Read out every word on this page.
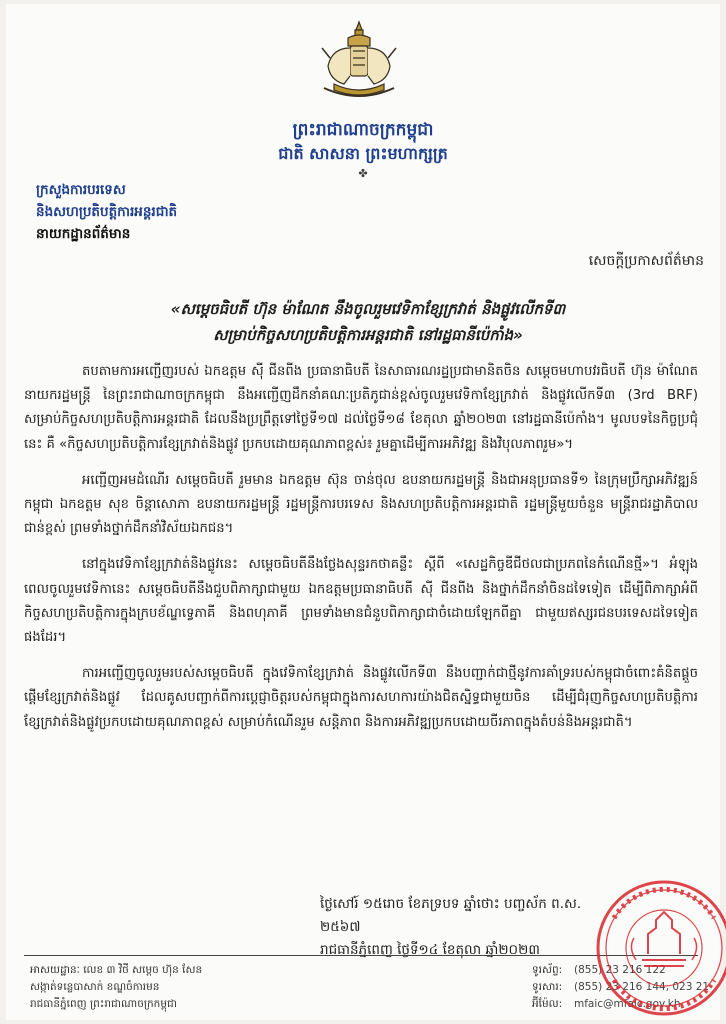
ព្រះរាជាណាចក្រកម្ពុជា
ជាតិ សាសនា ព្រះមហាក្សត្រ
✤
ក្រសួងការបរទេស
និងសហប្រតិបត្តិការអន្តរជាតិ
នាយកដ្ឋានព័ត៌មាន
សេចក្តីប្រកាសព័ត៌មាន
«សម្តេចធិបតី ហ៊ុន ម៉ាណែត នឹងចូលរួមវេទិកាខ្សែក្រវាត់ និងផ្លូវលើកទី៣
សម្រាប់កិច្ចសហប្រតិបត្តិការអន្តរជាតិ នៅរដ្ឋធានីប៉េកាំង»

តបតាមការអញ្ជើញរបស់ ឯកឧត្តម ស៊ី ជីនពីង ប្រធានាធិបតី នៃសាធារណរដ្ឋប្រជាមានិតចិន សម្តេចមហាបវរធិបតី ហ៊ុន ម៉ាណែត នាយករដ្ឋមន្ត្រី នៃព្រះរាជាណាចក្រកម្ពុជា នឹងអញ្ជើញដឹកនាំគណៈប្រតិភូជាន់ខ្ពស់ចូលរួមវេទិកាខ្សែក្រវាត់ និងផ្លូវលើកទី៣ (3rd BRF) សម្រាប់កិច្ចសហប្រតិបត្តិការអន្តរជាតិ ដែលនឹងប្រព្រឹត្តទៅថ្ងៃទី១៧ ដល់ថ្ងៃទី១៨ ខែតុលា ឆ្នាំ២០២៣ នៅរដ្ឋធានីប៉េកាំង។ មូលបទនៃកិច្ចប្រជុំនេះ គឺ «កិច្ចសហប្រតិបត្តិការខ្សែក្រវាត់និងផ្លូវ ប្រកបដោយគុណភាពខ្ពស់៖ រួមគ្នាដើម្បីការអភិវឌ្ឍ និងវិបុលភាពរួម»។

អញ្ជើញអមដំណើរ សម្តេចធិបតី រួមមាន ឯកឧត្តម ស៊ុន ចាន់ថុល ឧបនាយករដ្ឋមន្ត្រី និងជាអនុប្រធានទី១ នៃក្រុមប្រឹក្សាអភិវឌ្ឍន៍កម្ពុជា ឯកឧត្តម សុខ ចិន្តាសោភា ឧបនាយករដ្ឋមន្ត្រី រដ្ឋមន្ត្រីការបរទេស និងសហប្រតិបត្តិការអន្តរជាតិ រដ្ឋមន្ត្រីមួយចំនួន មន្ត្រីរាជរដ្ឋាភិបាលជាន់ខ្ពស់ ព្រមទាំងថ្នាក់ដឹកនាំវិស័យឯកជន។

នៅក្នុងវេទិកាខ្សែក្រវាត់និងផ្លូវនេះ សម្តេចធិបតីនឹងថ្លែងសុន្ទរកថាគន្លឹះ ស្តីពី «សេដ្ឋកិច្ចឌីជីថលជាប្រភពនៃកំណើនថ្មី»។ អំឡុងពេលចូលរួមវេទិកានេះ សម្តេចធិបតីនឹងជួបពិភាក្សាជាមួយ ឯកឧត្តមប្រធានាធិបតី ស៊ី ជីនពីង និងថ្នាក់ដឹកនាំចិនដទៃទៀត ដើម្បីពិភាក្សាអំពីកិច្ចសហប្រតិបត្តិការក្នុងក្របខ័ណ្ឌទ្វេភាគី និងពហុភាគី ព្រមទាំងមានជំនួបពិភាក្សាជាចំដោយឡែកពីគ្នា ជាមួយឥស្សរជនបរទេសដទៃទៀតផងដែរ។

ការអញ្ជើញចូលរួមរបស់សម្តេចធិបតី ក្នុងវេទិកាខ្សែក្រវាត់ និងផ្លូវលើកទី៣ នឹងបញ្ជាក់ជាថ្មីនូវការគាំទ្ររបស់កម្ពុជាចំពោះគំនិតផ្តួចផ្តើមខ្សែក្រវាត់និងផ្លូវ ដែលគូសបញ្ជាក់ពីការប្តេជ្ញាចិត្តរបស់កម្ពុជាក្នុងការសហការយ៉ាងជិតស្និទ្ធជាមួយចិន ដើម្បីជំរុញកិច្ចសហប្រតិបត្តិការខ្សែក្រវាត់និងផ្លូវប្រកបដោយគុណភាពខ្ពស់ សម្រាប់កំណើនរួម សន្តិភាព និងការអភិវឌ្ឍប្រកបដោយចីរភាពក្នុងតំបន់និងអន្តរជាតិ។

ថ្ងៃសៅរ៍ ១៥រោច ខែភទ្របទ ឆ្នាំថោះ បញ្ចស័ក ព.ស. ២៥៦៧
រាជធានីភ្នំពេញ ថ្ងៃទី១៤ ខែតុលា ឆ្នាំ២០២៣
អាសយដ្ឋានៈ លេខ ៣ វិថី សម្តេច ហ៊ុន សែន
សង្កាត់ទន្លេបាសាក់ ខណ្ឌចំការមន
រាជធានីភ្នំពេញ ព្រះរាជាណាចក្រកម្ពុជា
ទូរស័ព្ទ: (855) 23 216 122
ទូរសារ: (855) 23 216 144, 023 21
អ៊ីម៉ែល: mfaic@mfaic.gov.kh
